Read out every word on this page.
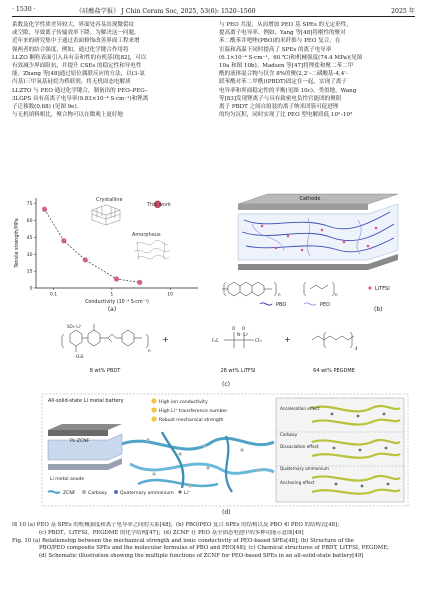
· 1530 ·	《硅酸盐学报》 J Chin Ceram Soc, 2025, 53(6): 1520–1560	2025 年
系数及化学性质差异较大，界面处容易出现微裂纹
或空隙，导致离子传输效率下降。为解决这一问题，
近年来的研究集中于通过表面修饰改善界面工程来增
强两者的结合强度，例如，通过化学键合作用将
LLZO 颗粒表面引入具有亲和性的有机基团[82]，可以
有效减少界面阻抗，并提升 CSEs 的稳定性和导电性
能。Zhang 等[48]通过原位偶联反应的方法，以(3-氯
丙基)三甲氧基硅烷为桥联剂，将无机固态电解质
LLZTO 与 PEO 通过化学键合，制备出的 PEO–PEG–
3LGPS 具有高离子电导率(9.83×10⁻⁴ S·cm⁻¹)和锂离
子迁移数(0.68) (见图 9e)。
与无机填料相比，聚合物可以在微观上更好地
与 PEO 共混，从而增加 PEO 基 SPEs 的无定形性，
提高离子电导率。例如，Yang 等[48]将刚性的聚对
苯二酰苯并吧唑(PBO)的米纤维与 PEO 复合，在
室温和高温下同时提高了 SPEs 的离子电导率
(6.1×10⁻⁴ S·cm⁻¹，60 ℃)和机械强度(74.4 MPa)(见图
10a 和图 10b)。Madsen 等[47]将锂盐和聚二苯二甲
酰的液体混合物与仅含 8%的聚(2,2'–二磺酸基-4,4'-
联苯酰对苯二甲酰)(PBDT)固定在一起，实现了离子
电导率和界面稳定性的平衡(见图 10c)。类似地，Wang
等[83]发现锂离子与具有致密电负性官能团的聚阴
离子 PBDT 之间自组装的离子纳米团簇可促进锂
的均匀沉积，同时实现了比 PEO 型电解质低 10²–10³
0
15
30
45
60
75
0.1	1	10
Conductivity (10⁻⁴ S·cm⁻¹)
Tensile strength/MPa
Crystalline
Amorphous
This work
(a)
Cathode
n	n
PBO	PEO
LiTFSI
(b)
SO₃⁻Li⁺
⁻O₃S
n
F₃C	CF₃
O O
N⁻ Li⁺
4
+	+
8 wt% PBDT	28 wt% LiTFSI	64 wt% PEGDME
(c)
All-solid-state Li metal battery	High ion conductivity
High Li⁺ transference number
Robust mechanical strength
PL-ZCNF
Li metal anode
Acceleration effect
Dissociation effect
Anchoring effect
Carboxy
Quaternary ammonium
ZCNF	Carboxy	Quaternary ammonium Li⁺
(d)
图 10 (a) PEO 基 SPEs 的机械强度和离子电导率之间的关系[48]；(b) PBO/PEO 复合 SPEs 的结构以及 PBO 和 PEO 的结构式[48]；
(c) PBDT、LiTFSI、PEGDME 的化学结构[47]；(d) ZCNF 在 PEO 基全固态电池中的多种功能示意图[49]
Fig. 10 (a) Relationship between the mechanical strength and ionic conductivity of PEO-based SPEs[48]; (b) Structure of the
PBO/PEO composite SPEs and the molecular formulas of PBO and PEO[48]; (c) Chemical structures of PBDT, LiTFSI, PEGDME;
(d) Schematic illustration showing the multiple functions of ZCNF for PEO-based SPEs in an all-solid-state battery[49]
